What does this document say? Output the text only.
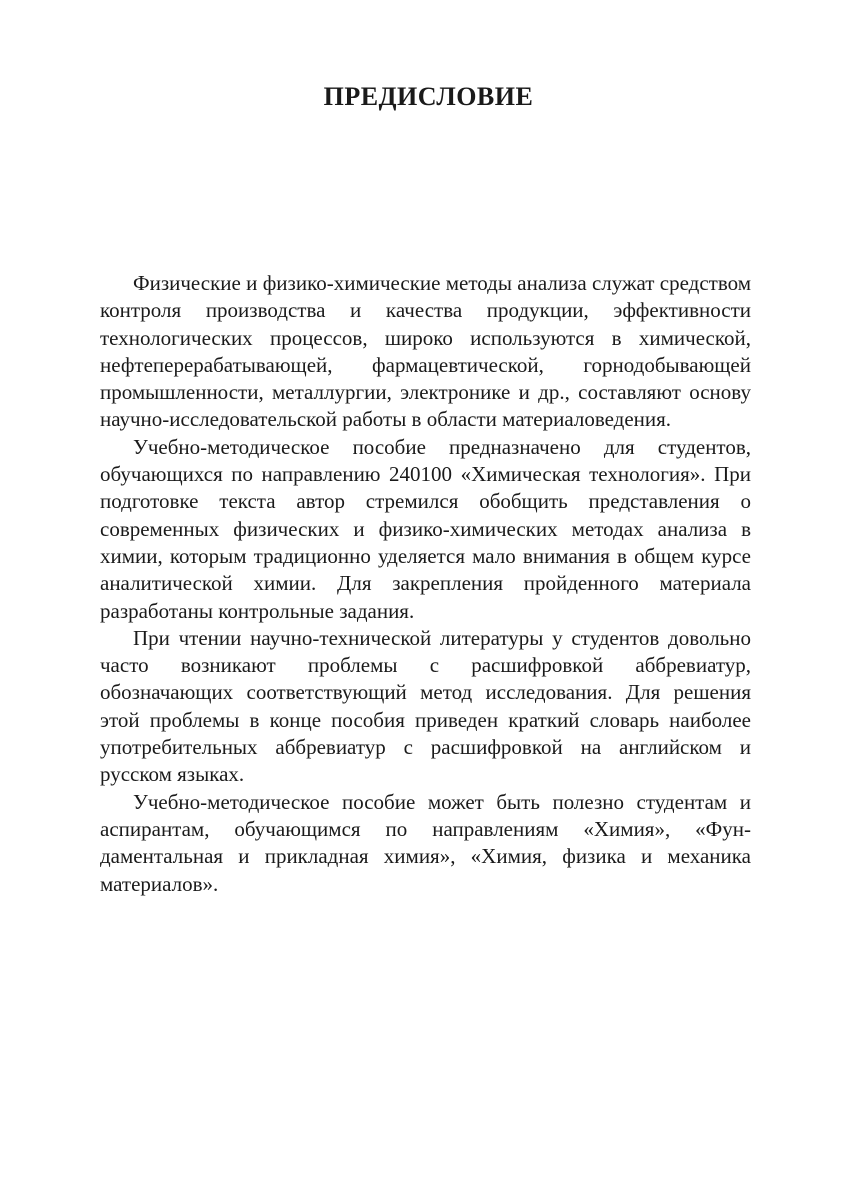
ПРЕДИСЛОВИЕ

Физические и физико-химические методы анализа служат средством контроля производства и качества продукции, эффективности технологических процессов, широко используются в химической, нефтеперерабатывающей, фармацевтической, горнодобывающей промышленности, металлургии, электронике и др., составляют основу научно-исследовательской работы в области материаловедения.

Учебно-методическое пособие предназначено для студентов, обучающихся по направлению 240100 «Химическая технология». При подготовке текста автор стремился обобщить представления о современных физических и физико-химических методах анализа в химии, которым традиционно уделяется мало внимания в общем курсе аналитической химии. Для закрепления пройденного материала разработаны контрольные задания.

При чтении научно-технической литературы у студентов довольно часто возникают проблемы с расшифровкой аббревиатур, обозначающих соответствующий метод исследования. Для решения этой проблемы в конце пособия приведен краткий словарь наиболее употребительных аббревиатур с расшифровкой на английском и русском языках.

Учебно-методическое пособие может быть полезно студентам и аспирантам, обучающимся по направлениям «Химия», «Фундаментальная и прикладная химия», «Химия, физика и механика материалов».
